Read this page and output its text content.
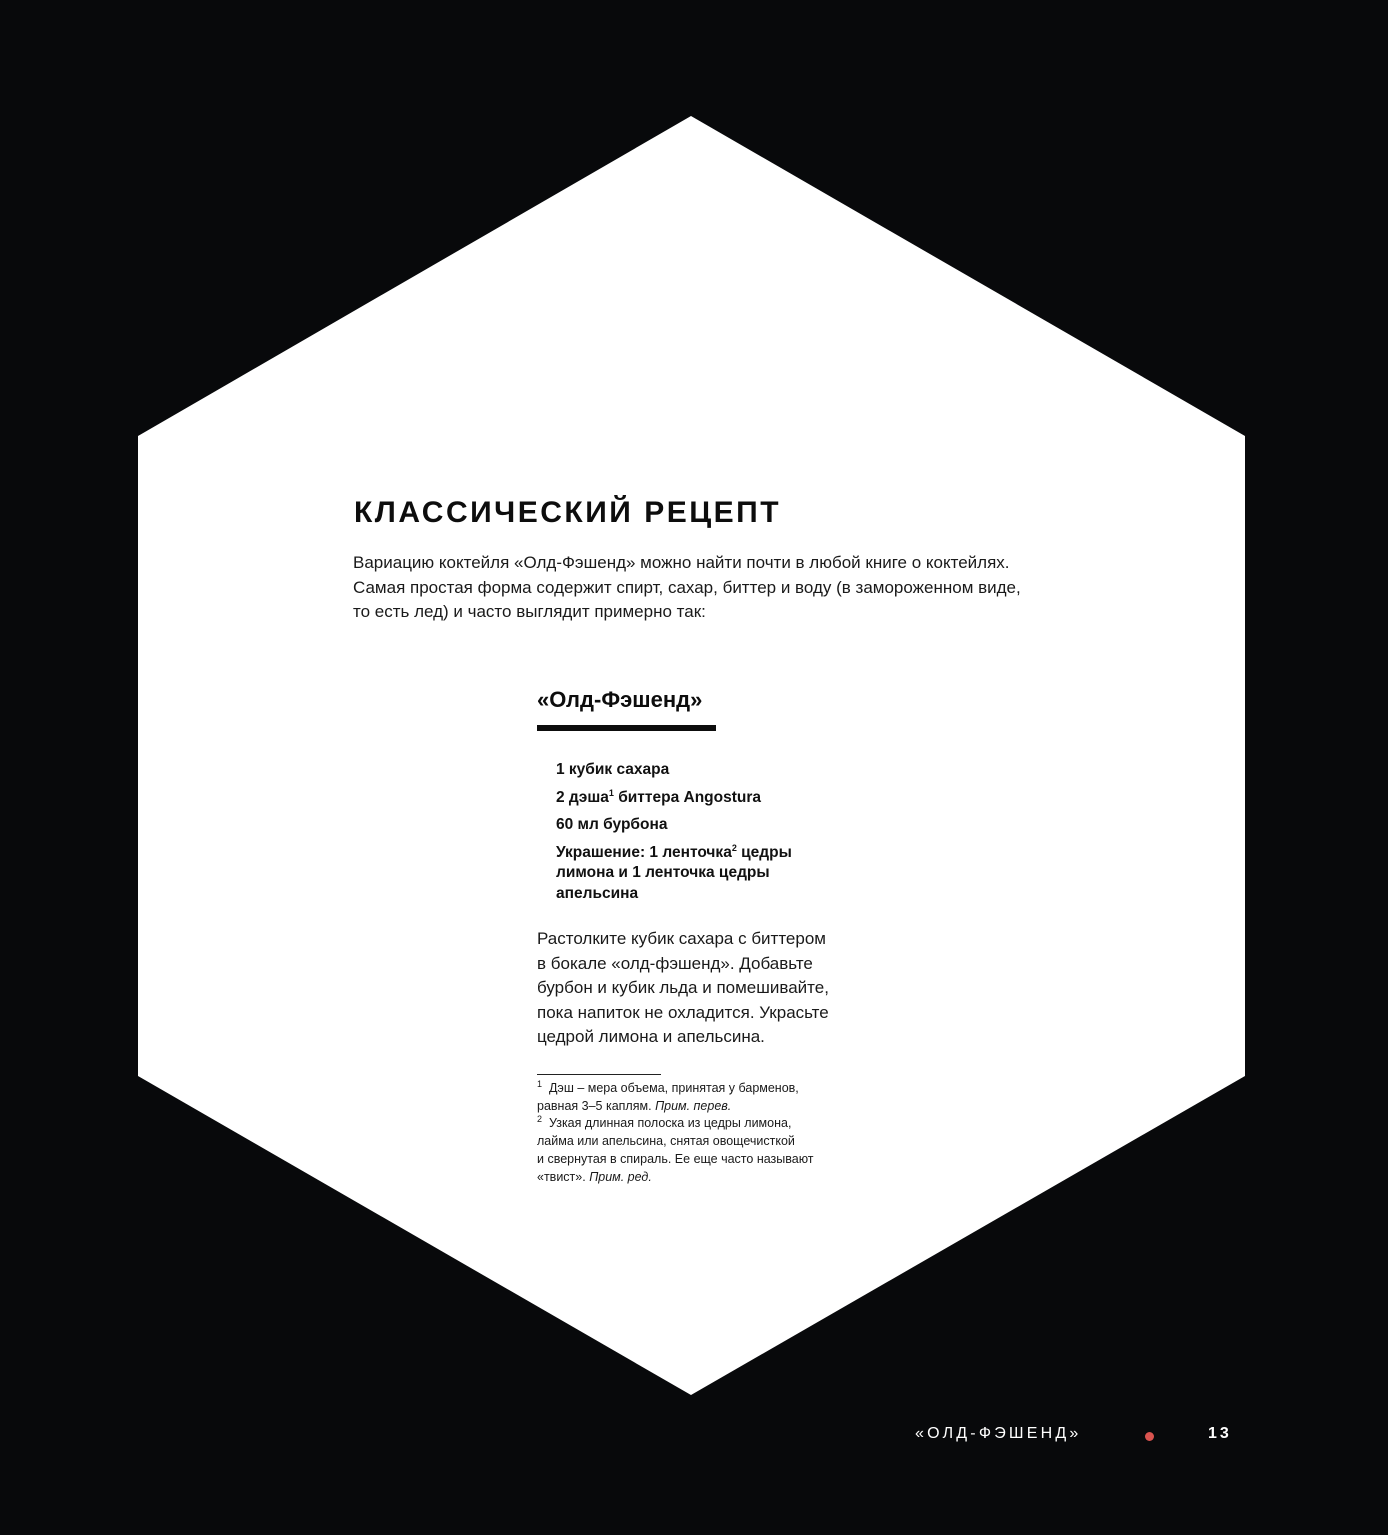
КЛАССИЧЕСКИЙ РЕЦЕПТ

Вариацию коктейля «Олд-Фэшенд» можно найти почти в любой книге о коктейлях.
Самая простая форма содержит спирт, сахар, биттер и воду (в замороженном виде,
то есть лед) и часто выглядит примерно так:

«Олд-Фэшенд»
1 кубик сахара
2 дэша$^1$ биттера Angostura
60 мл бурбона
Украшение: 1 ленточка$^2$ цедры лимона и 1 ленточка цедры апельсина

Растолките кубик сахара с биттером
в бокале «олд-фэшенд». Добавьте
бурбон и кубик льда и помешивайте,
пока напиток не охладится. Украсьте
цедрой лимона и апельсина.

$^1$ Дэш – мера объема, принятая у барменов,
равная 3–5 каплям. Прим. перев.
$^2$ Узкая длинная полоска из цедры лимона,
лайма или апельсина, снятая овощечисткой
и свернутая в спираль. Ее еще часто называют
«твист». Прим. ред.
«ОЛД-ФЭШЕНД»	13
